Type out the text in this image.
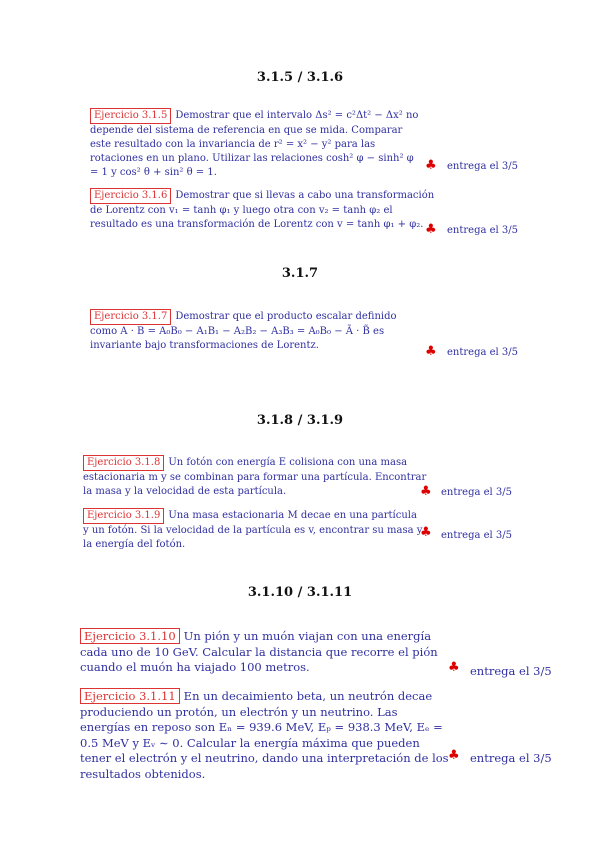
3.1.5 / 3.1.6
3.1.7
3.1.8 / 3.1.9
3.1.10 / 3.1.11
Ejercicio 3.1.5 Demostrar que el intervalo Δs² = c²Δt² − Δx² no depende del sistema de referencia en que se mida. Comparar este resultado con la invariancia de r² = x² − y² para las rotaciones en un plano. Utilizar las relaciones cosh² φ − sinh² φ = 1 y cos² θ + sin² θ = 1.	♣ entrega el 3/5
Ejercicio 3.1.6 Demostrar que si llevas a cabo una transformación de Lorentz con v₁ = tanh φ₁ y luego otra con v₂ = tanh φ₂ el resultado es una transformación de Lorentz con v = tanh φ₁ + φ₂. ♣ entrega el 3/5
Ejercicio 3.1.7 Demostrar que el producto escalar definido como A · B = A₀B₀ − A₁B₁ − A₂B₂ − A₃B₃ = A₀B₀ − Ã · B̃ es invariante bajo transformaciones de Lorentz.	♣ entrega el 3/5
Ejercicio 3.1.8 Un fotón con energía E colisiona con una masa estacionaria m y se combinan para formar una partícula. Encontrar la masa y la velocidad de esta partícula.	♣ entrega el 3/5
Ejercicio 3.1.9 Una masa estacionaria M decae en una partícula y un fotón. Si la velocidad de la partícula es v, encontrar su masa y la energía del fotón.
♣ entrega el 3/5
Ejercicio 3.1.10 Un pión y un muón viajan con una energía cada uno de 10 GeV. Calcular la distancia que recorre el pión cuando el muón ha viajado 100 metros.	♣ entrega el 3/5
Ejercicio 3.1.11 En un decaimiento beta, un neutrón decae produciendo un protón, un electrón y un neutrino. Las energías en reposo son Eₙ = 939.6 MeV, Eₚ = 938.3 MeV, Eₑ = 0.5 MeV y Eᵥ ∼ 0. Calcular la energía máxima que pueden tener el electrón y el neutrino, dando una interpretación de los resultados obtenidos.
♣ entrega el 3/5
